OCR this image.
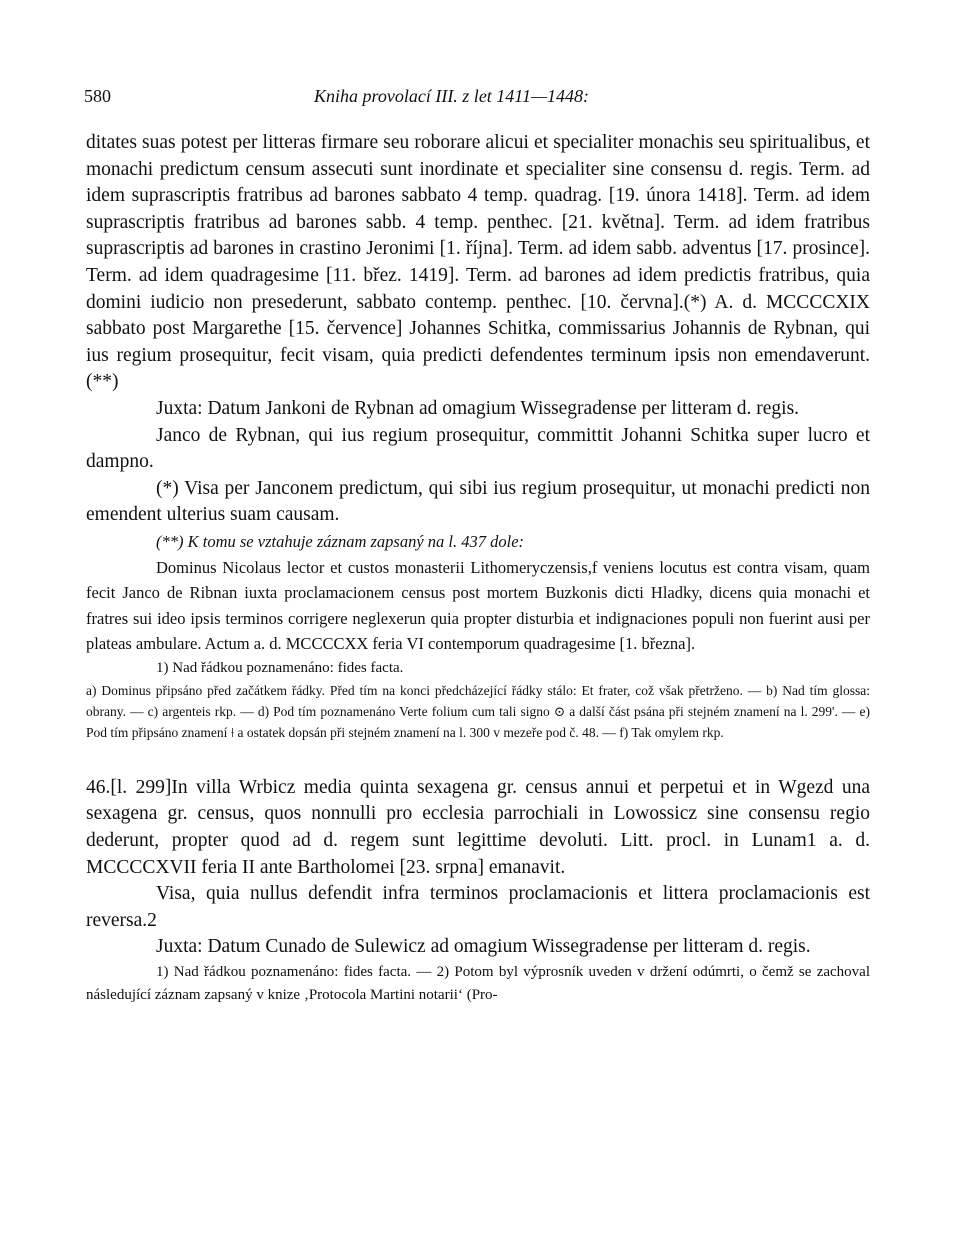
580	Kniha provolací III. z let 1411—1448:

ditates suas potest per litteras firmare seu roborare alicui et specialiter monachis seu spiritualibus, et monachi predictum censum assecuti sunt inordinate et specialiter sine consensu d. regis. Term. ad idem suprascriptis fratribus ad barones sabbato 4 temp. quadrag. [19. února 1418]. Term. ad idem suprascriptis fratribus ad barones sabb. 4 temp. penthec. [21. května]. Term. ad idem fratribus suprascriptis ad barones in crastino Jeronimi [1. října]. Term. ad idem sabb. adventus [17. prosince]. Term. ad idem quadragesime [11. břez. 1419]. Term. ad barones ad idem predictis fratribus, quia domini iudicio non presederunt, sabbato contemp. penthec. [10. června].(*) A. d. MCCCCXIX sabbato post Margarethe [15. července] Johannes Schitka, commissarius Johannis de Rybnan, qui ius regium prosequitur, fecit visam, quia predicti defendentes terminum ipsis non emendaverunt.(**)

Juxta: Datum Jankoni de Rybnan ad omagium Wissegradense per litteram d. regis.

Janco de Rybnan, qui ius regium prosequitur, committit Johanni Schitka super lucro et dampno.

(*) Visa per Janconem predictum, qui sibi ius regium prosequitur, ut monachi predicti non emendent ulterius suam causam.

(**) K tomu se vztahuje záznam zapsaný na l. 437 dole:

Dominus Nicolaus lector et custos monasterii Lithomeryczensis,f veniens locutus est contra visam, quam fecit Janco de Ribnan iuxta proclamacionem census post mortem Buzkonis dicti Hladky, dicens quia monachi et fratres sui ideo ipsis terminos corrigere neglexerun quia propter disturbia et indignaciones populi non fuerint ausi per plateas ambulare. Actum a. d. MCCCCXX feria VI contemporum quadragesime [1. března].

1) Nad řádkou poznamenáno: fides facta.

a) Dominus připsáno před začátkem řádky. Před tím na konci předcházející řádky stálo: Et frater, což však přetrženo. — b) Nad tím glossa: obrany. — c) argenteis rkp. — d) Pod tím poznamenáno Verte folium cum tali signo ⊙ a další část psána při stejném znamení na l. 299'. — e) Pod tím připsáno znamení ⟊ a ostatek dopsán při stejném znamení na l. 300 v mezeře pod č. 48. — f) Tak omylem rkp.

46.[l. 299]In villa Wrbicz media quinta sexagena gr. census annui et perpetui et in Wgezd una sexagena gr. census, quos nonnulli pro ecclesia parrochiali in Lowossicz sine consensu regio dederunt, propter quod ad d. regem sunt legittime devoluti. Litt. procl. in Lunam1 a. d. MCCCCXVII feria II ante Bartholomei [23. srpna] emanavit.

Visa, quia nullus defendit infra terminos proclamacionis et littera proclamacionis est reversa.2

Juxta: Datum Cunado de Sulewicz ad omagium Wissegradense per litteram d. regis.

1) Nad řádkou poznamenáno: fides facta. — 2) Potom byl výprosník uveden v držení odúmrti, o čemž se zachoval následující záznam zapsaný v knize ‚Protocola Martini notarii‘ (Pro-
